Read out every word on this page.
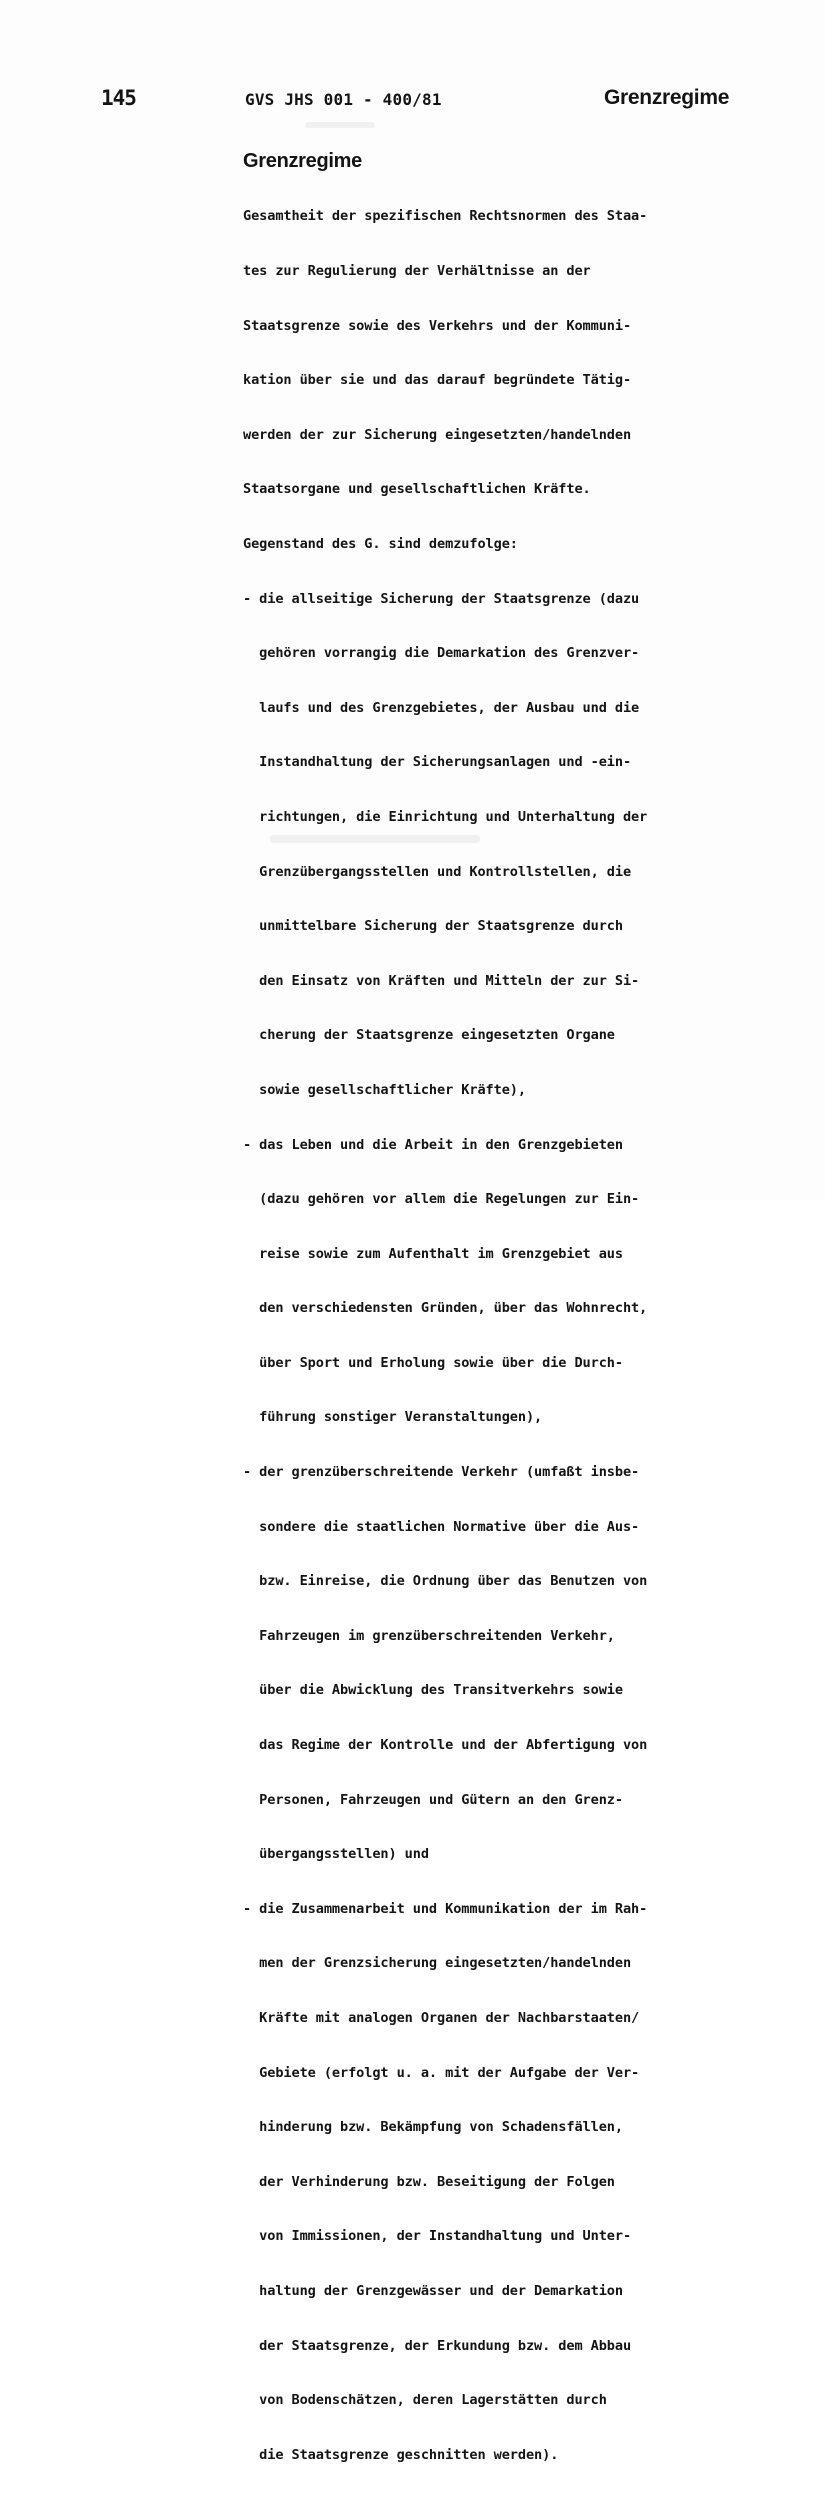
145	GVS JHS 001 - 400/81	Grenzregime
Grenzregime

Gesamtheit der spezifischen Rechtsnormen des Staa-

tes zur Regulierung der Verhältnisse an der

Staatsgrenze sowie des Verkehrs und der Kommuni-

kation über sie und das darauf begründete Tätig-

werden der zur Sicherung eingesetzten/handelnden

Staatsorgane und gesellschaftlichen Kräfte.

Gegenstand des G. sind demzufolge:

- die allseitige Sicherung der Staatsgrenze (dazu

gehören vorrangig die Demarkation des Grenzver-

laufs und des Grenzgebietes, der Ausbau und die

Instandhaltung der Sicherungsanlagen und -ein-

richtungen, die Einrichtung und Unterhaltung der

Grenzübergangsstellen und Kontrollstellen, die

unmittelbare Sicherung der Staatsgrenze durch

den Einsatz von Kräften und Mitteln der zur Si-

cherung der Staatsgrenze eingesetzten Organe

sowie gesellschaftlicher Kräfte),

- das Leben und die Arbeit in den Grenzgebieten

(dazu gehören vor allem die Regelungen zur Ein-

reise sowie zum Aufenthalt im Grenzgebiet aus

den verschiedensten Gründen, über das Wohnrecht,

über Sport und Erholung sowie über die Durch-

führung sonstiger Veranstaltungen),

- der grenzüberschreitende Verkehr (umfaßt insbe-

sondere die staatlichen Normative über die Aus-

bzw. Einreise, die Ordnung über das Benutzen von

Fahrzeugen im grenzüberschreitenden Verkehr,

über die Abwicklung des Transitverkehrs sowie

das Regime der Kontrolle und der Abfertigung von

Personen, Fahrzeugen und Gütern an den Grenz-

übergangsstellen) und

- die Zusammenarbeit und Kommunikation der im Rah-

men der Grenzsicherung eingesetzten/handelnden

Kräfte mit analogen Organen der Nachbarstaaten/

Gebiete (erfolgt u. a. mit der Aufgabe der Ver-

hinderung bzw. Bekämpfung von Schadensfällen,

der Verhinderung bzw. Beseitigung der Folgen

von Immissionen, der Instandhaltung und Unter-

haltung der Grenzgewässer und der Demarkation

der Staatsgrenze, der Erkundung bzw. dem Abbau

von Bodenschätzen, deren Lagerstätten durch

die Staatsgrenze geschnitten werden).
